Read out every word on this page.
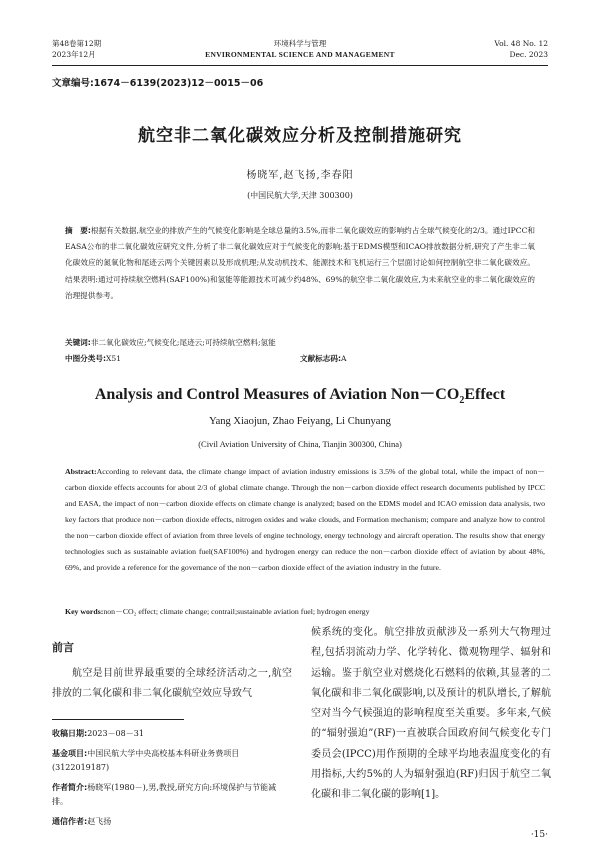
第48卷第12期
2023年12月
环境科学与管理
ENVIRONMENTAL SCIENCE AND MANAGEMENT
Vol. 48 No. 12
Dec. 2023
文章编号:1674－6139(2023)12－0015－06
航空非二氧化碳效应分析及控制措施研究
杨晓军,赵飞扬,李春阳
(中国民航大学,天津 300300)
摘　要:根据有关数据,航空业的排放产生的气候变化影响是全球总量的3.5%,而非二氧化碳效应的影响约占全球气候变化的2/3。通过IPCC和EASA公布的非二氧化碳效应研究文件,分析了非二氧化碳效应对于气候变化的影响;基于EDMS模型和ICAO排放数据分析,研究了产生非二氧化碳效应的氮氧化物和尾迹云两个关键因素以及形成机理;从发动机技术、能源技术和飞机运行三个层面讨论如何控制航空非二氧化碳效应。结果表明:通过可持续航空燃料(SAF100%)和氢能等能源技术可减少约48%、69%的航空非二氧化碳效应,为未来航空业的非二氧化碳效应的治理提供参考。
关键词:非二氧化碳效应;气候变化;尾迹云;可持续航空燃料;氢能
中图分类号:X51	文献标志码:A
Analysis and Control Measures of Aviation $Non-CO_2Effect$
Yang Xiaojun, Zhao Feiyang, Li Chunyang
(Civil Aviation University of China, Tianjin 300300, China)
Abstract:According to relevant data, the climate change impact of aviation industry emissions is 3.5% of the global total, while the impact of non－carbon dioxide effects accounts for about 2/3 of global climate change. Through the non－carbon dioxide effect research documents published by IPCC and EASA, the impact of non－carbon dioxide effects on climate change is analyzed; based on the EDMS model and ICAO emission data analysis, two key factors that produce non－carbon dioxide effects, nitrogen oxides and wake clouds, and Formation mechanism; compare and analyze how to control the non－carbon dioxide effect of aviation from three levels of engine technology, energy technology and aircraft operation. The results show that energy technologies such as sustainable aviation fuel(SAF100%) and hydrogen energy can reduce the non－carbon dioxide effect of aviation by about 48%, 69%, and provide a reference for the governance of the non－carbon dioxide effect of the aviation industry in the future.
Key words:non－CO₂ effect; climate change; contrail;sustainable aviation fuel; hydrogen energy
前言
航空是目前世界最重要的全球经济活动之一,航空排放的二氧化碳和非二氧化碳航空效应导致气
收稿日期:2023－08－31
基金项目:中国民航大学中央高校基本科研业务费项目(3122019187)
作者简介:杨晓军(1980－),男,教授,研究方向:环境保护与节能减排。
通信作者:赵飞扬
候系统的变化。航空排放贡献涉及一系列大气物理过程,包括羽流动力学、化学转化、微观物理学、辐射和运输。鉴于航空业对燃烧化石燃料的依赖,其显著的二氧化碳和非二氧化碳影响,以及预计的机队增长,了解航空对当今气候强迫的影响程度至关重要。多年来,气候的“辐射强迫”(RF)一直被联合国政府间气候变化专门委员会(IPCC)用作预期的全球平均地表温度变化的有用指标,大约5%的人为辐射强迫(RF)归因于航空二氧化碳和非二氧化碳的影响[1]。
·15·
